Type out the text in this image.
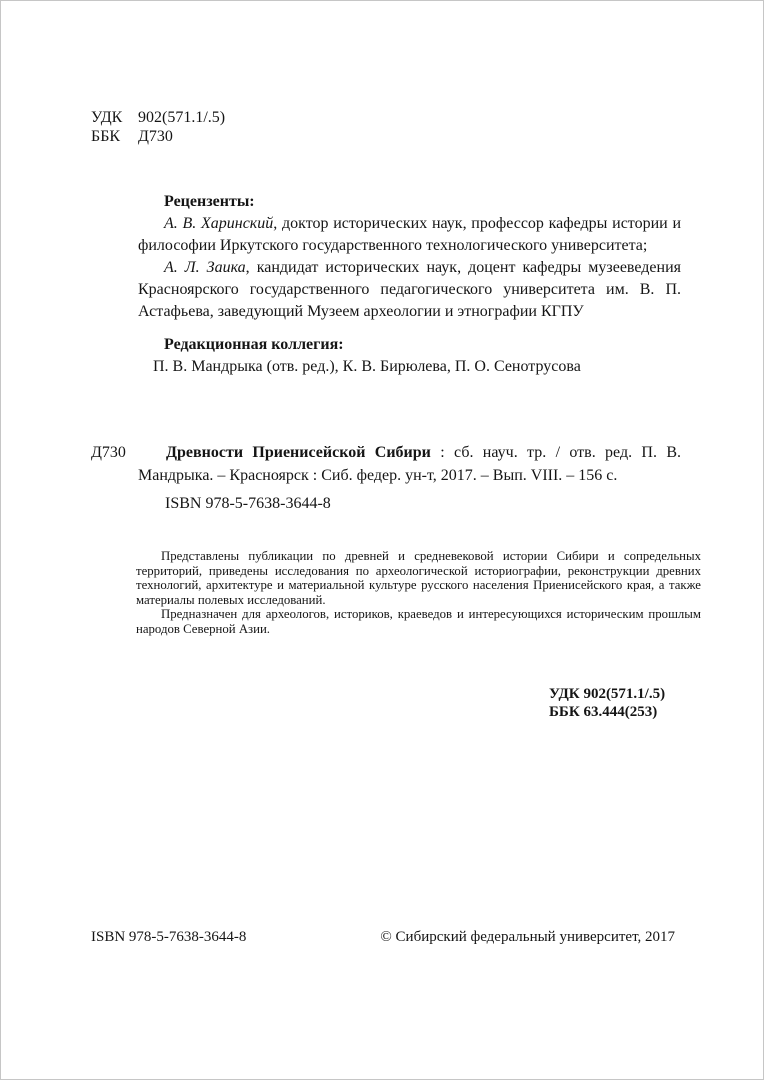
УДК 902(571.1/.5)
ББК Д730
Рецензенты:

А. В. Харинский, доктор исторических наук, профессор кафедры истории и философии Иркутского государственного технологического университета;

А. Л. Заика, кандидат исторических наук, доцент кафедры музееведения Красноярского государственного педагогического университета им. В. П. Астафьева, заведующий Музеем археологии и этнографии КГПУ

Редакционная коллегия:

П. В. Мандрыка (отв. ред.), К. В. Бирюлева, П. О. Сенотрусова

Д730	Древности Приенисейской Сибири : сб. науч. тр. / отв. ред. П. В. Мандрыка. – Красноярск : Сиб. федер. ун-т, 2017. – Вып. VIII. – 156 с.

ISBN 978-5-7638-3644-8

Представлены публикации по древней и средневековой истории Сибири и сопредельных территорий, приведены исследования по археологической историографии, реконструкции древних технологий, архитектуре и материальной культуре русского населения Приенисейского края, а также материалы полевых исследований.

Предназначен для археологов, историков, краеведов и интересующихся историческим прошлым народов Северной Азии.

УДК 902(571.1/.5)
ББК 63.444(253)
ISBN 978-5-7638-3644-8	© Сибирский федеральный университет, 2017
